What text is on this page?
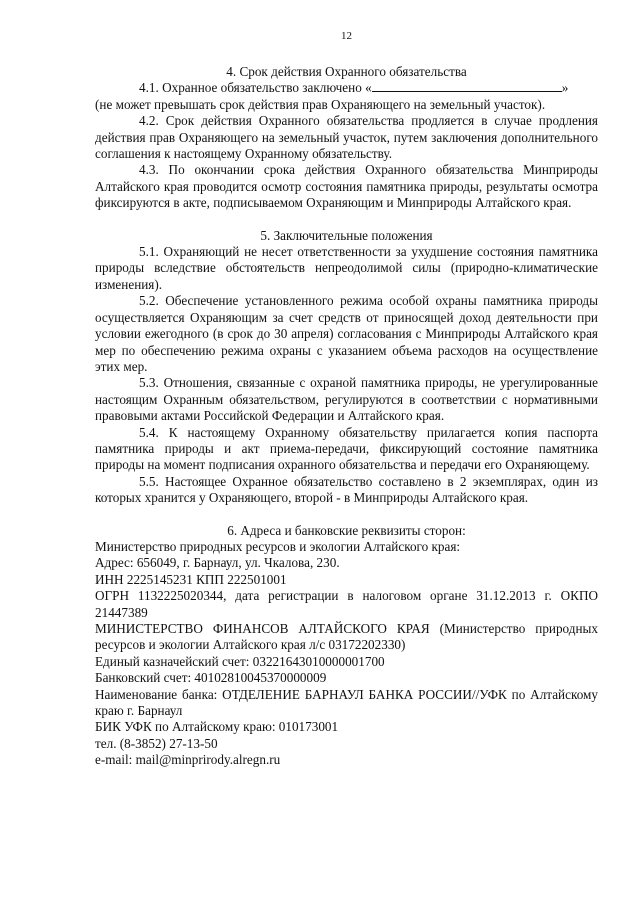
12

4. Срок действия Охранного обязательства

4.1. Охранное обязательство заключено «	»

(не может превышать срок действия прав Охраняющего на земельный участок).

4.2. Срок действия Охранного обязательства продляется в случае продления действия прав Охраняющего на земельный участок, путем заключения дополнительного соглашения к настоящему Охранному обязательству.

4.3. По окончании срока действия Охранного обязательства Минприроды Алтайского края проводится осмотр состояния памятника природы, результаты осмотра фиксируются в акте, подписываемом Охраняющим и Минприроды Алтайского края.

5. Заключительные положения

5.1. Охраняющий не несет ответственности за ухудшение состояния памятника природы вследствие обстоятельств непреодолимой силы (природно-климатические изменения).

5.2. Обеспечение установленного режима особой охраны памятника природы осуществляется Охраняющим за счет средств от приносящей доход деятельности при условии ежегодного (в срок до 30 апреля) согласования с Минприроды Алтайского края мер по обеспечению режима охраны с указанием объема расходов на осуществление этих мер.

5.3. Отношения, связанные с охраной памятника природы, не урегулированные настоящим Охранным обязательством, регулируются в соответствии с нормативными правовыми актами Российской Федерации и Алтайского края.

5.4. К настоящему Охранному обязательству прилагается копия паспорта памятника природы и акт приема-передачи, фиксирующий состояние памятника природы на момент подписания охранного обязательства и передачи его Охраняющему.

5.5. Настоящее Охранное обязательство составлено в 2 экземплярах, один из которых хранится у Охраняющего, второй - в Минприроды Алтайского края.

6. Адреса и банковские реквизиты сторон:

Министерство природных ресурсов и экологии Алтайского края:

Адрес: 656049, г. Барнаул, ул. Чкалова, 230.

ИНН 2225145231 КПП 222501001

ОГРН 1132225020344, дата регистрации в налоговом органе 31.12.2013 г. ОКПО 21447389

МИНИСТЕРСТВО ФИНАНСОВ АЛТАЙСКОГО КРАЯ (Министерство природных ресурсов и экологии Алтайского края л/с 03172202330)

Единый казначейский счет: 03221643010000001700

Банковский счет: 40102810045370000009

Наименование банка: ОТДЕЛЕНИЕ БАРНАУЛ БАНКА РОССИИ//УФК по Алтайскому краю г. Барнаул

БИК УФК по Алтайскому краю: 010173001

тел. (8-3852) 27-13-50

e-mail: mail@minprirody.alregn.ru
